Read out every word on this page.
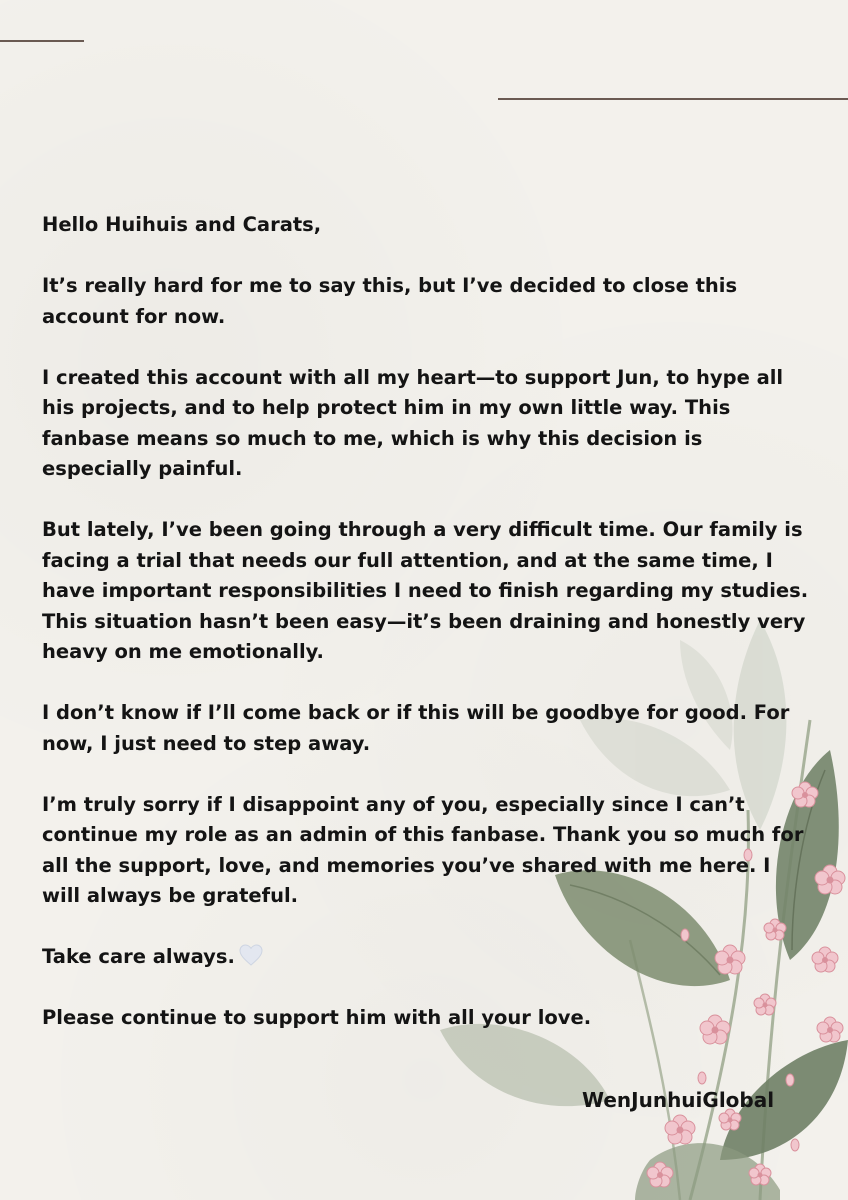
Hello Huihuis and Carats,

It’s really hard for me to say this, but I’ve decided to close this
account for now.

I created this account with all my heart—to support Jun, to hype all
his projects, and to help protect him in my own little way. This
fanbase means so much to me, which is why this decision is
especially painful.

But lately, I’ve been going through a very difficult time. Our family is
facing a trial that needs our full attention, and at the same time, I
have important responsibilities I need to finish regarding my studies.
This situation hasn’t been easy—it’s been draining and honestly very
heavy on me emotionally.

I don’t know if I’ll come back or if this will be goodbye for good. For
now, I just need to step away.

I’m truly sorry if I disappoint any of you, especially since I can’t
continue my role as an admin of this fanbase. Thank you so much for
all the support, love, and memories you’ve shared with me here. I
will always be grateful.

Take care always.

Please continue to support him with all your love.

WenJunhuiGlobal
